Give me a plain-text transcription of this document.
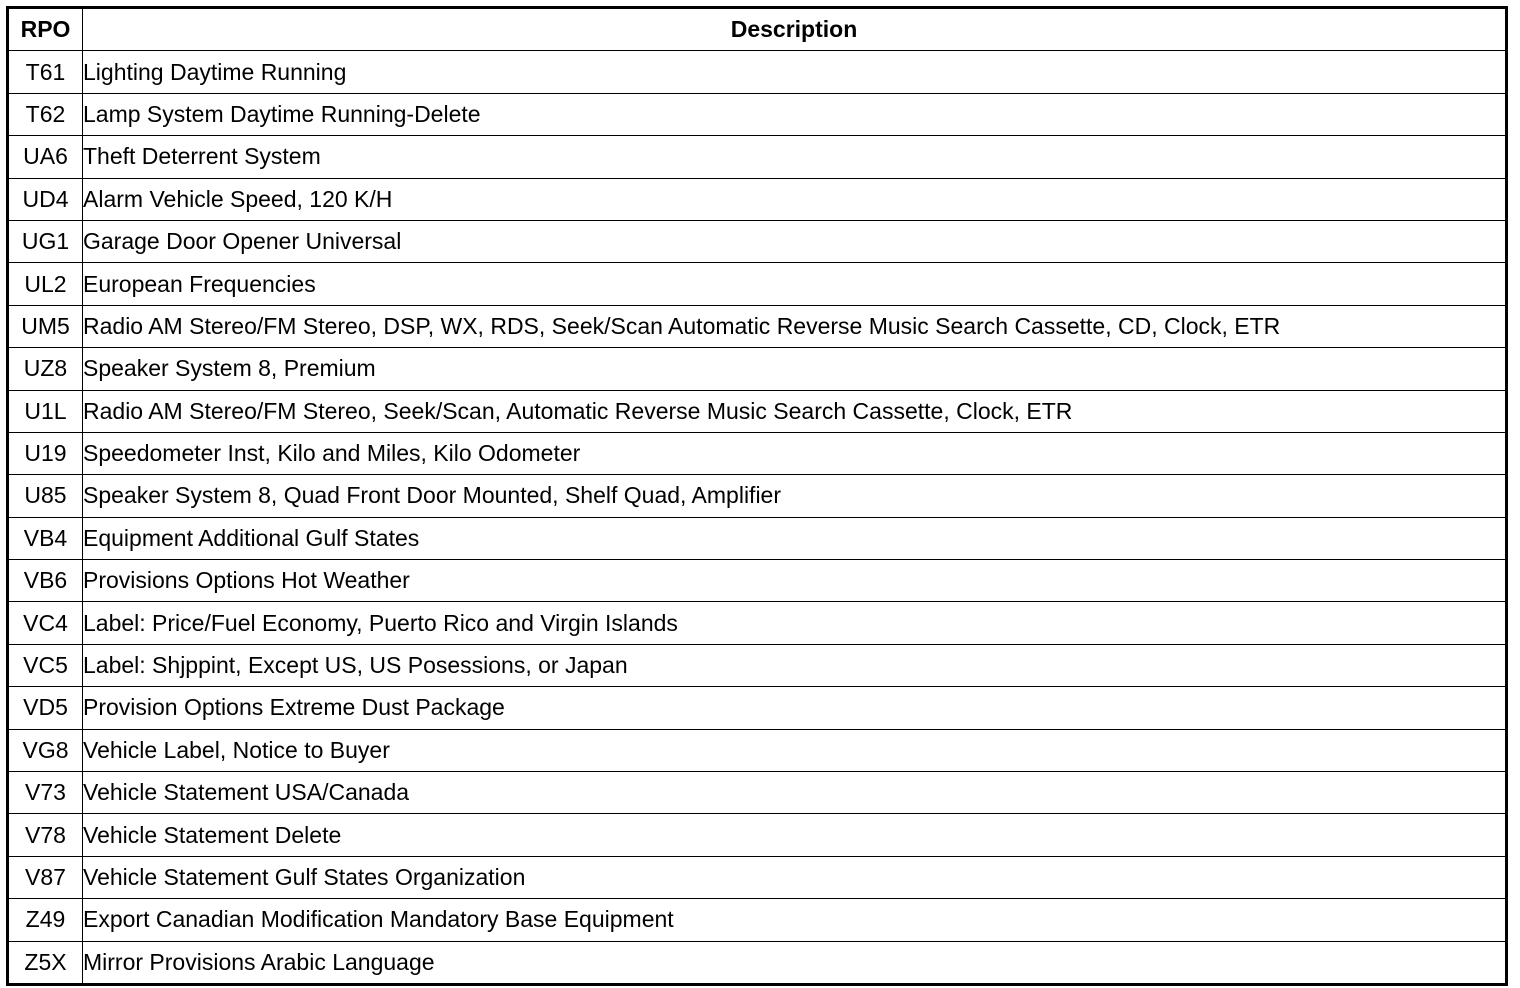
RPO	Description
T61	Lighting Daytime Running
T62	Lamp System Daytime Running-Delete
UA6	Theft Deterrent System
UD4	Alarm Vehicle Speed, 120 K/H
UG1	Garage Door Opener Universal
UL2	European Frequencies
UM5	Radio AM Stereo/FM Stereo, DSP, WX, RDS, Seek/Scan Automatic Reverse Music Search Cassette, CD, Clock, ETR
UZ8	Speaker System 8, Premium
U1L	Radio AM Stereo/FM Stereo, Seek/Scan, Automatic Reverse Music Search Cassette, Clock, ETR
U19	Speedometer Inst, Kilo and Miles, Kilo Odometer
U85	Speaker System 8, Quad Front Door Mounted, Shelf Quad, Amplifier
VB4	Equipment Additional Gulf States
VB6	Provisions Options Hot Weather
VC4	Label: Price/Fuel Economy, Puerto Rico and Virgin Islands
VC5	Label: Shjppint, Except US, US Posessions, or Japan
VD5	Provision Options Extreme Dust Package
VG8	Vehicle Label, Notice to Buyer
V73	Vehicle Statement USA/Canada
V78	Vehicle Statement Delete
V87	Vehicle Statement Gulf States Organization
Z49	Export Canadian Modification Mandatory Base Equipment
Z5X	Mirror Provisions Arabic Language
